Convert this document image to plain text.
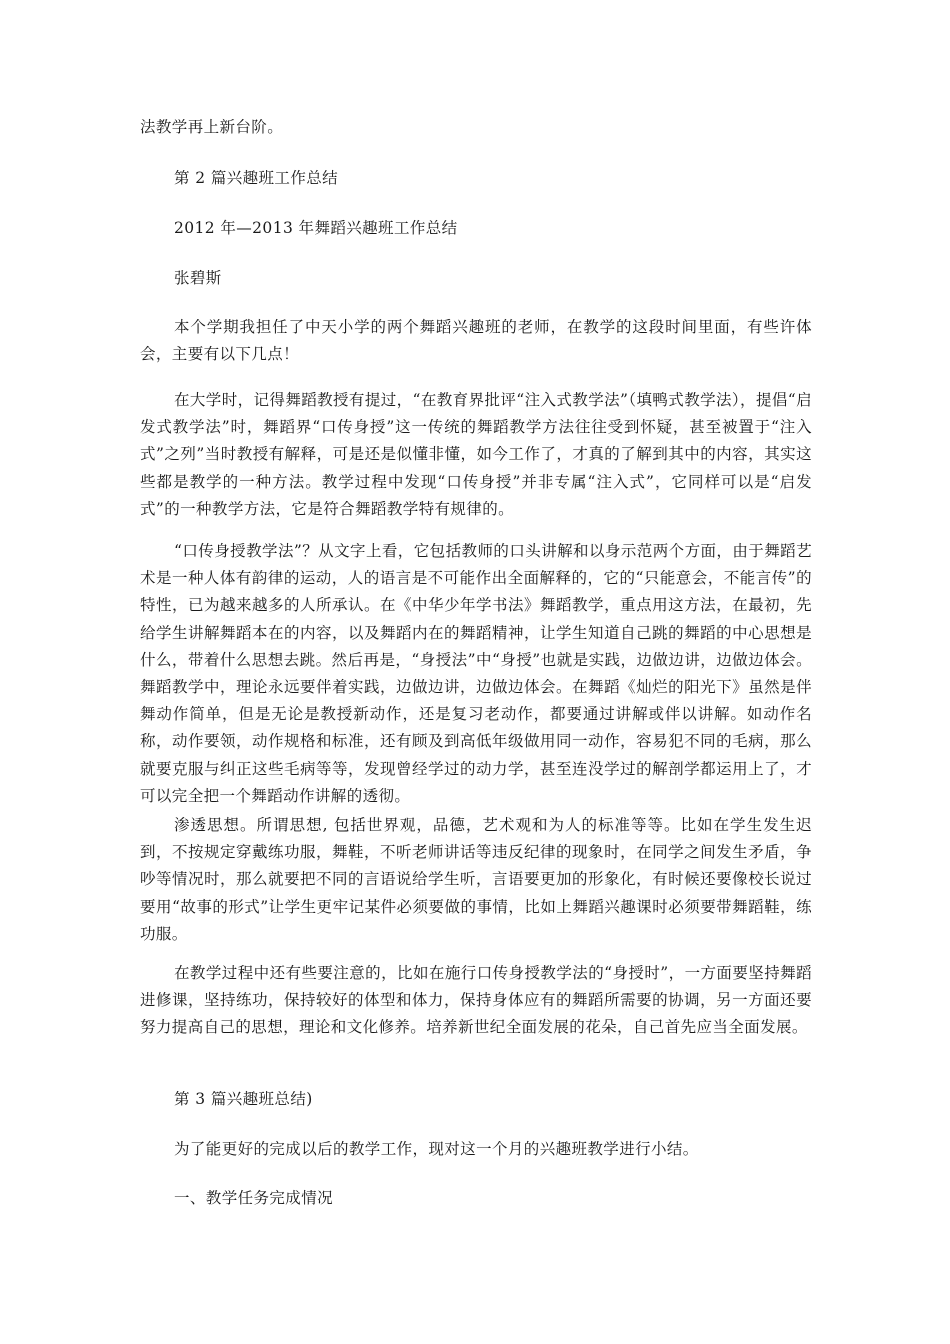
法教学再上新台阶。
第 2 篇兴趣班工作总结
2012 年—2013 年舞蹈兴趣班工作总结
张碧斯
本个学期我担任了中天小学的两个舞蹈兴趣班的老师，在教学的这段时间里面，有些许体会，主要有以下几点！
在大学时，记得舞蹈教授有提过，“在教育界批评“注入式教学法”（填鸭式教学法），提倡“启发式教学法”时，舞蹈界“口传身授”这一传统的舞蹈教学方法往往受到怀疑，甚至被置于“注入式”之列”当时教授有解释，可是还是似懂非懂，如今工作了，才真的了解到其中的内容，其实这些都是教学的一种方法。教学过程中发现“口传身授”并非专属“注入式”，它同样可以是“启发式”的一种教学方法，它是符合舞蹈教学特有规律的。
“口传身授教学法”？从文字上看，它包括教师的口头讲解和以身示范两个方面，由于舞蹈艺术是一种人体有韵律的运动，人的语言是不可能作出全面解释的，它的“只能意会，不能言传”的特性，已为越来越多的人所承认。在《中华少年学书法》舞蹈教学，重点用这方法，在最初，先给学生讲解舞蹈本在的内容，以及舞蹈内在的舞蹈精神，让学生知道自己跳的舞蹈的中心思想是什么，带着什么思想去跳。然后再是，“身授法”中“身授”也就是实践，边做边讲，边做边体会。舞蹈教学中，理论永远要伴着实践，边做边讲，边做边体会。在舞蹈《灿烂的阳光下》虽然是伴舞动作简单，但是无论是教授新动作，还是复习老动作，都要通过讲解或伴以讲解。如动作名称，动作要领，动作规格和标准，还有顾及到高低年级做用同一动作，容易犯不同的毛病，那么就要克服与纠正这些毛病等等，发现曾经学过的动力学，甚至连没学过的解剖学都运用上了，才可以完全把一个舞蹈动作讲解的透彻。
渗透思想。所谓思想, 包括世界观，品德，艺术观和为人的标准等等。比如在学生发生迟到，不按规定穿戴练功服，舞鞋，不听老师讲话等违反纪律的现象时，在同学之间发生矛盾，争吵等情况时，那么就要把不同的言语说给学生听，言语要更加的形象化，有时候还要像校长说过要用“故事的形式”让学生更牢记某件必须要做的事情，比如上舞蹈兴趣课时必须要带舞蹈鞋，练功服。
在教学过程中还有些要注意的，比如在施行口传身授教学法的“身授时”，一方面要坚持舞蹈进修课，坚持练功，保持较好的体型和体力，保持身体应有的舞蹈所需要的协调，另一方面还要努力提高自己的思想，理论和文化修养。培养新世纪全面发展的花朵，自己首先应当全面发展。
第 3 篇兴趣班总结)
为了能更好的完成以后的教学工作，现对这一个月的兴趣班教学进行小结。
一、教学任务完成情况
